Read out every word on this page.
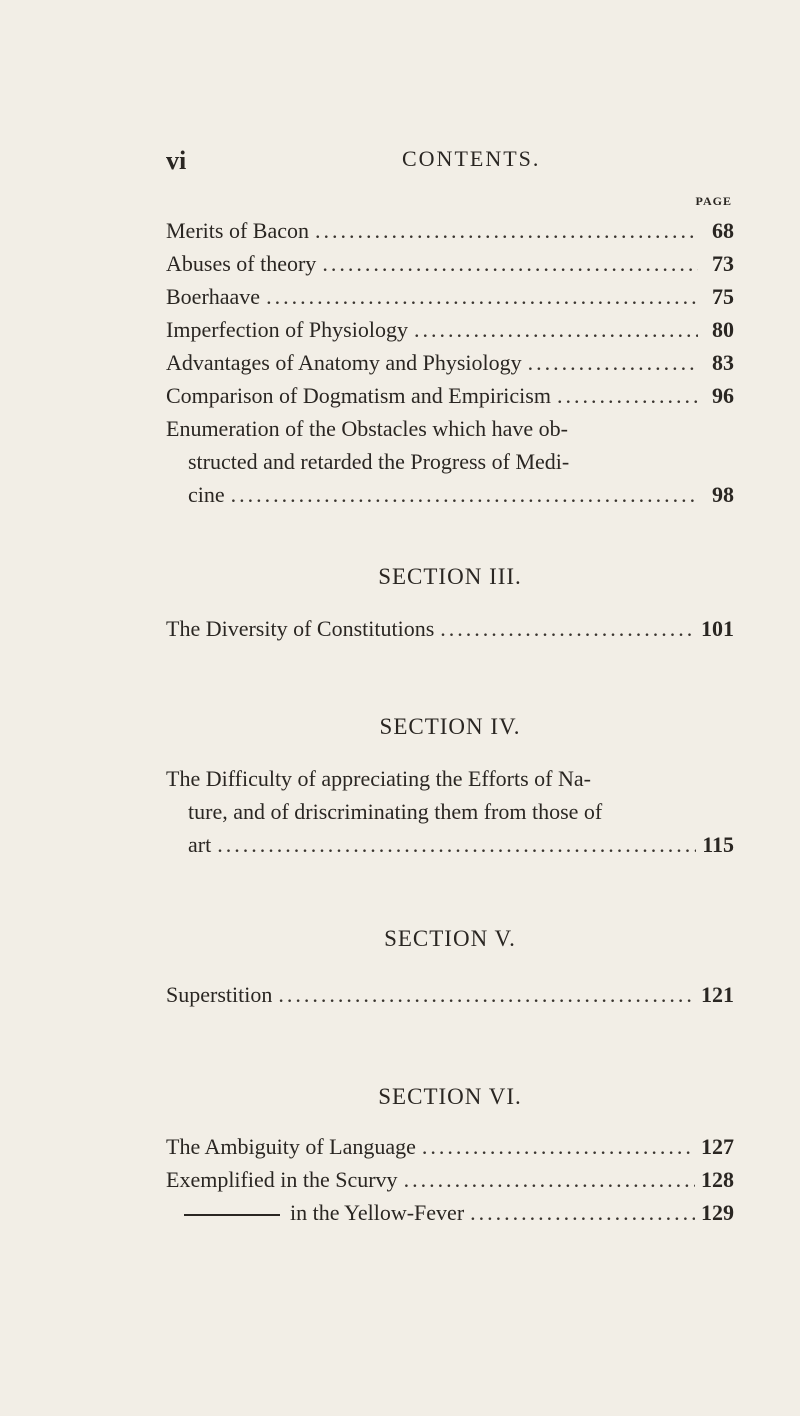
vi	CONTENTS.
PAGE
Merits of Bacon .....	68
Abuses of theory .....	73
Boerhaave .....	75
Imperfection of Physiology .....	80
Advantages of Anatomy and Physiology .....	83
Comparison of Dogmatism and Empiricism .....	96
Enumeration of the Obstacles which have ob-
structed and retarded the Progress of Medi-
cine .....	98
SECTION III.
The Diversity of Constitutions .....	101
SECTION IV.
The Difficulty of appreciating the Efforts of Na-
ture, and of driscriminating them from those of
art .....	115
SECTION V.
Superstition .....	121
SECTION VI.
The Ambiguity of Language .....	127
Exemplified in the Scurvy .....	128
in the Yellow-Fever .....	129
